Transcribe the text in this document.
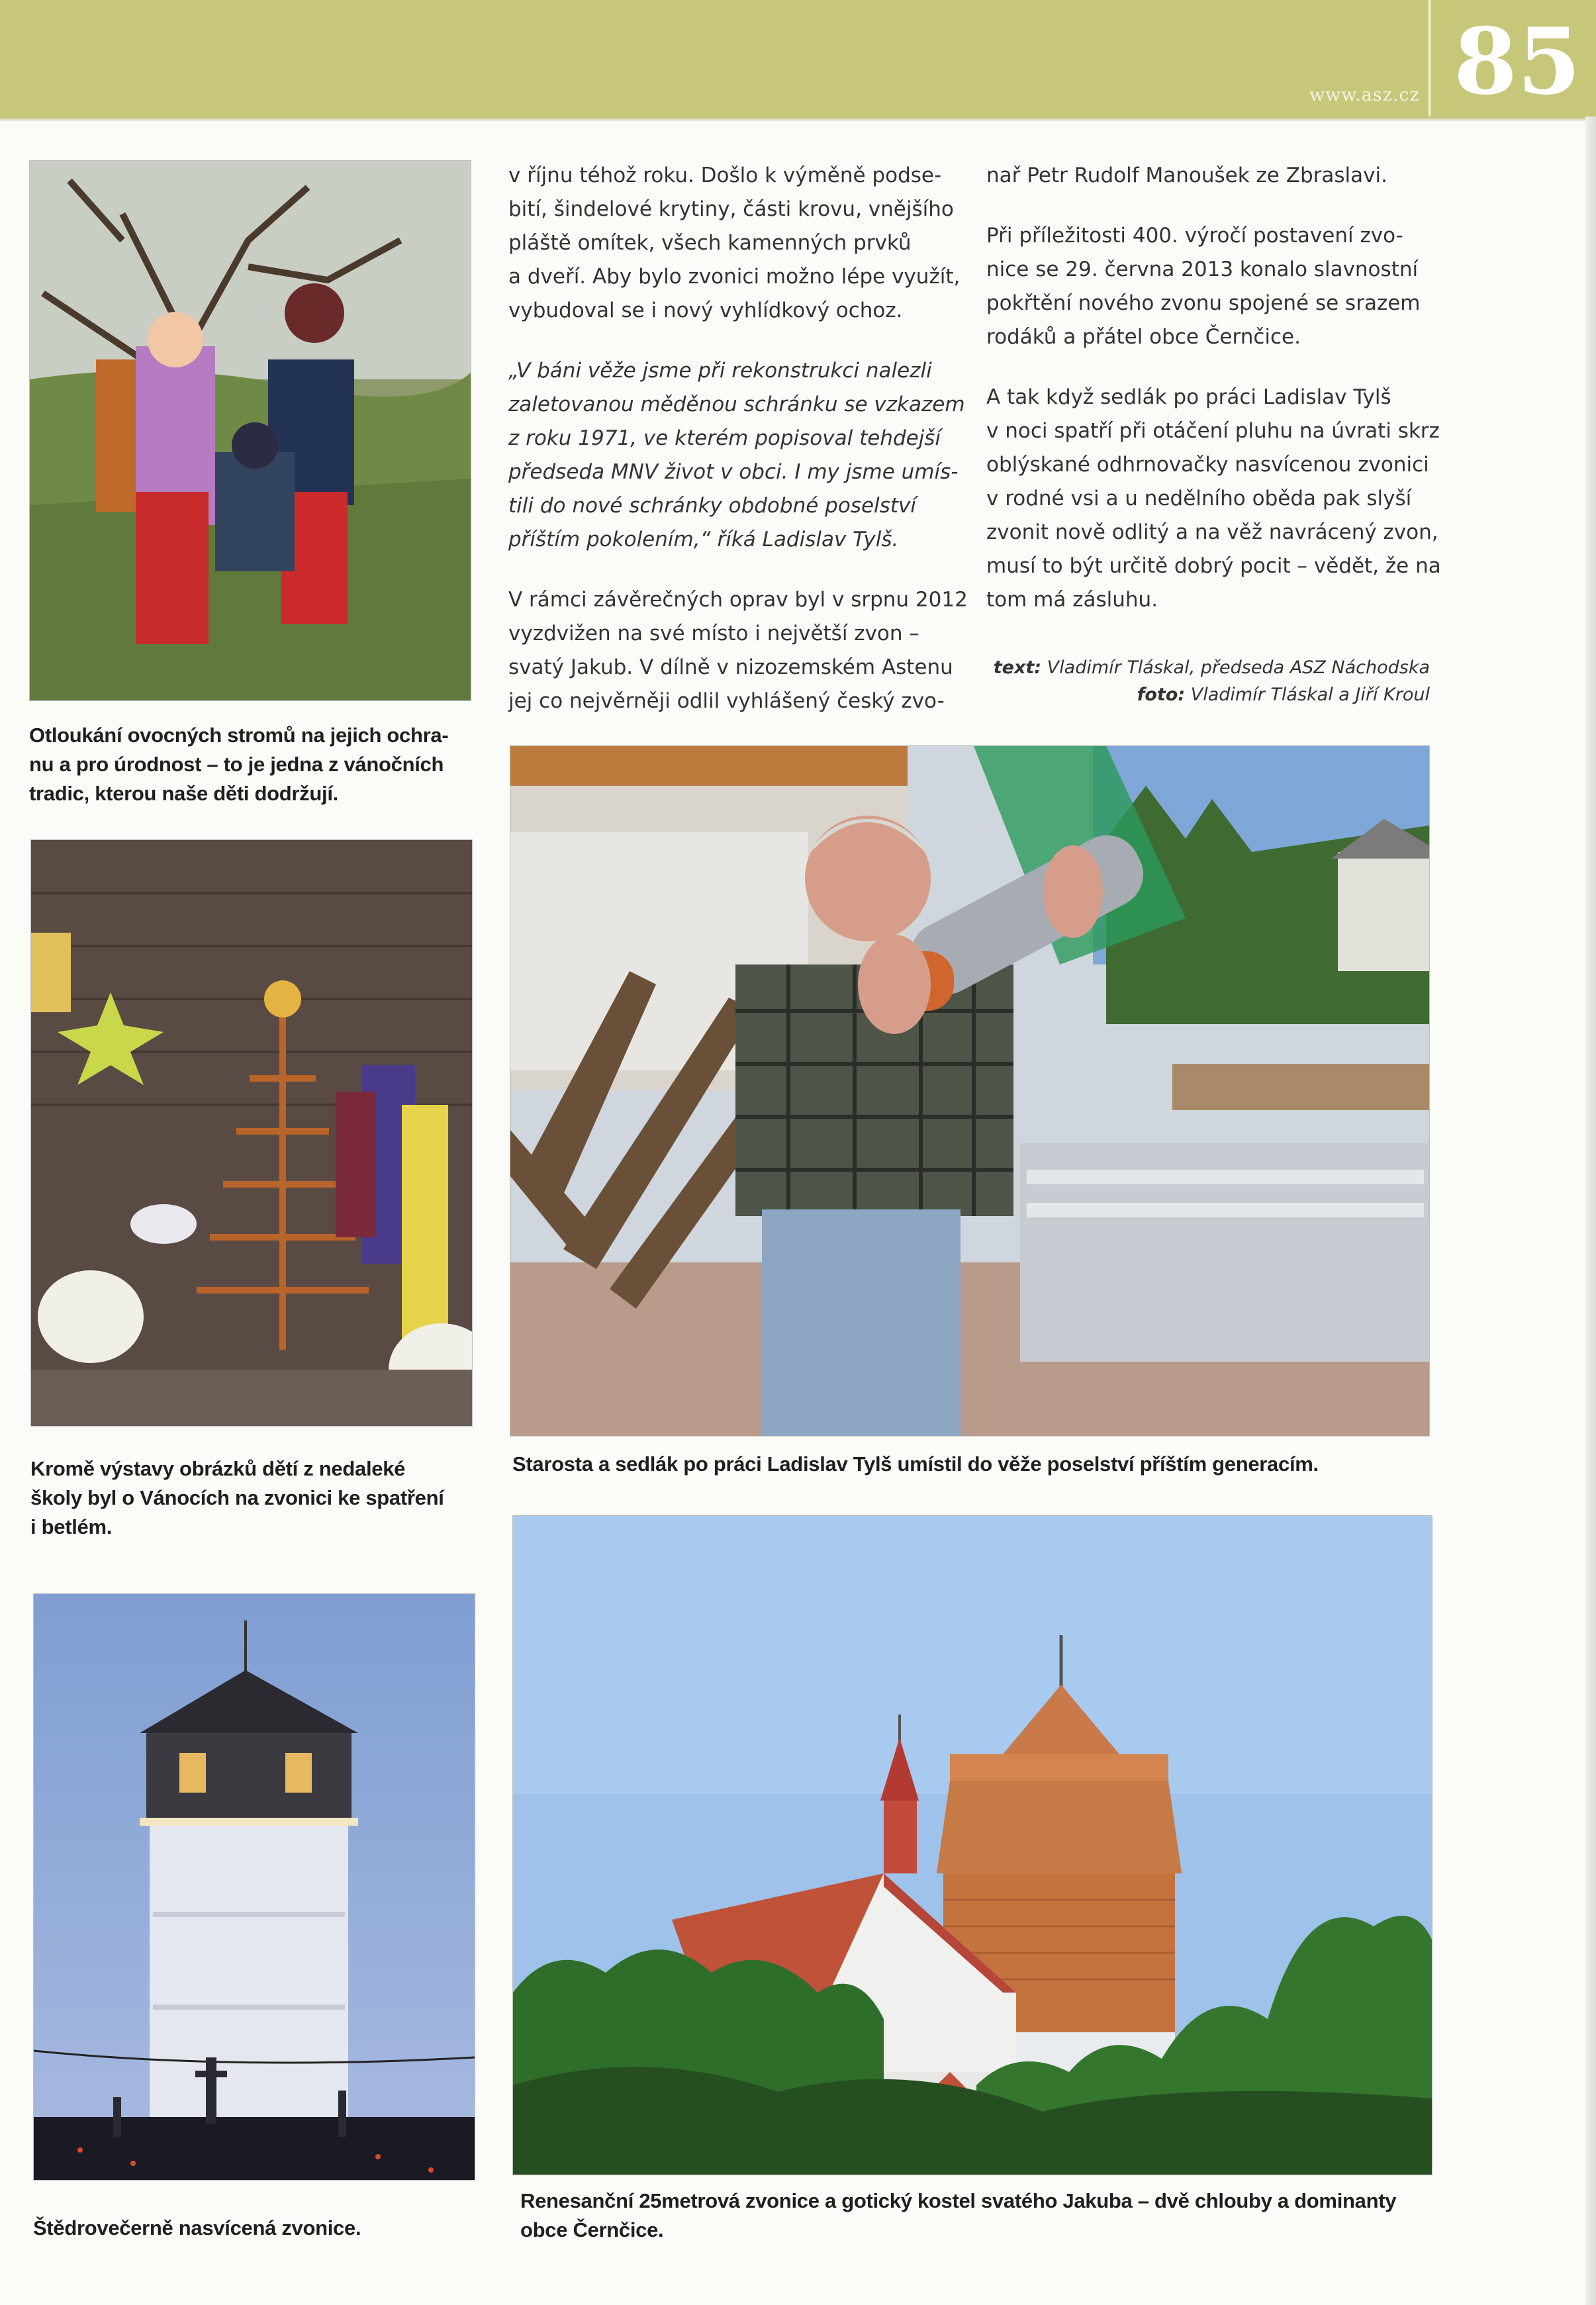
www.asz.cz 85
Otloukání ovocných stromů na jejich ochra-
nu a pro úrodnost – to je jedna z vánočních
tradic, kterou naše děti dodržují.
Kromě výstavy obrázků dětí z nedaleké
školy byl o Vánocích na zvonici ke spatření
i betlém.
Štědrovečerně nasvícená zvonice.

v říjnu téhož roku. Došlo k výměně podse-
bití, šindelové krytiny, části krovu, vnějšího
pláště omítek, všech kamenných prvků
a dveří. Aby bylo zvonici možno lépe využít,
vybudoval se i nový vyhlídkový ochoz.

„V báni věže jsme při rekonstrukci nalezli
zaletovanou měděnou schránku se vzkazem
z roku 1971, ve kterém popisoval tehdejší
předseda MNV život v obci. I my jsme umís-
tili do nové schránky obdobné poselství
příštím pokolením,“ říká Ladislav Tylš.

V rámci závěrečných oprav byl v srpnu 2012
vyzdvižen na své místo i největší zvon –
svatý Jakub. V dílně v nizozemském Astenu
jej co nejvěrněji odlil vyhlášený český zvo-

nař Petr Rudolf Manoušek ze Zbraslavi.

Při příležitosti 400. výročí postavení zvo-
nice se 29. června 2013 konalo slavnostní
pokřtění nového zvonu spojené se srazem
rodáků a přátel obce Černčice.

A tak když sedlák po práci Ladislav Tylš
v noci spatří při otáčení pluhu na úvrati skrz
oblýskané odhrnovačky nasvícenou zvonici
v rodné vsi a u nedělního oběda pak slyší
zvonit nově odlitý a na věž navrácený zvon,
musí to být určitě dobrý pocit – vědět, že na
tom má zásluhu.

text: Vladimír Tláskal, předseda ASZ Náchodska
foto: Vladimír Tláskal a Jiří Kroul
Starosta a sedlák po práci Ladislav Tylš umístil do věže poselství příštím generacím.
Renesanční 25metrová zvonice a gotický kostel svatého Jakuba – dvě chlouby a dominanty
obce Černčice.
